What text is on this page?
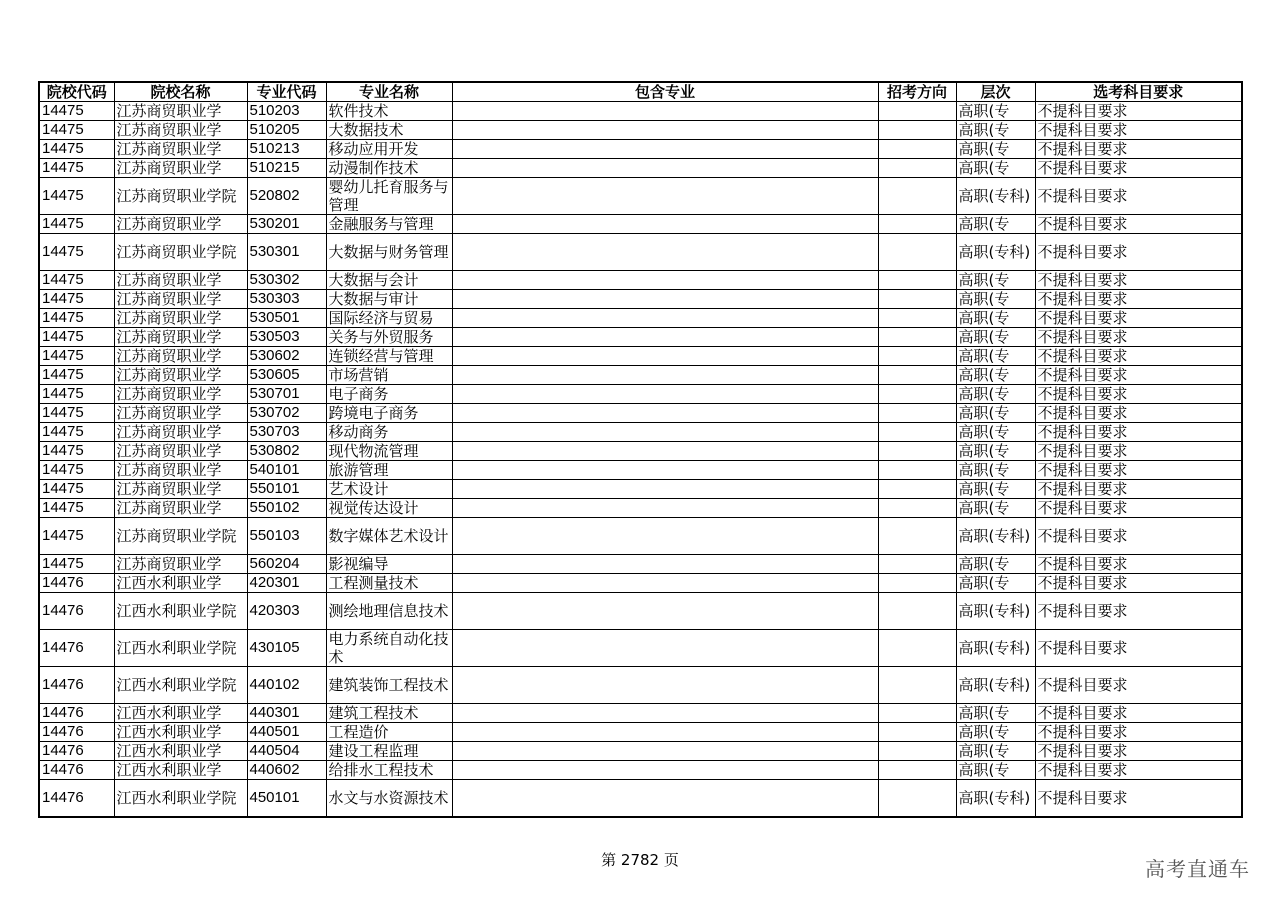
院校代码	院校名称	专业代码	专业名称	包含专业	招考方向	层次	选考科目要求
14475	江苏商贸职业学	510203	软件技术			高职(专	不提科目要求
14475	江苏商贸职业学	510205	大数据技术			高职(专	不提科目要求
14475	江苏商贸职业学	510213	移动应用开发			高职(专	不提科目要求
14475	江苏商贸职业学	510215	动漫制作技术			高职(专	不提科目要求
14475	江苏商贸职业学院	520802	婴幼儿托育服务与管理			高职(专科)	不提科目要求
14475	江苏商贸职业学	530201	金融服务与管理			高职(专	不提科目要求
14475	江苏商贸职业学院	530301	大数据与财务管理			高职(专科)	不提科目要求
14475	江苏商贸职业学	530302	大数据与会计			高职(专	不提科目要求
14475	江苏商贸职业学	530303	大数据与审计			高职(专	不提科目要求
14475	江苏商贸职业学	530501	国际经济与贸易			高职(专	不提科目要求
14475	江苏商贸职业学	530503	关务与外贸服务			高职(专	不提科目要求
14475	江苏商贸职业学	530602	连锁经营与管理			高职(专	不提科目要求
14475	江苏商贸职业学	530605	市场营销			高职(专	不提科目要求
14475	江苏商贸职业学	530701	电子商务			高职(专	不提科目要求
14475	江苏商贸职业学	530702	跨境电子商务			高职(专	不提科目要求
14475	江苏商贸职业学	530703	移动商务			高职(专	不提科目要求
14475	江苏商贸职业学	530802	现代物流管理			高职(专	不提科目要求
14475	江苏商贸职业学	540101	旅游管理			高职(专	不提科目要求
14475	江苏商贸职业学	550101	艺术设计			高职(专	不提科目要求
14475	江苏商贸职业学	550102	视觉传达设计			高职(专	不提科目要求
14475	江苏商贸职业学院	550103	数字媒体艺术设计			高职(专科)	不提科目要求
14475	江苏商贸职业学	560204	影视编导			高职(专	不提科目要求
14476	江西水利职业学	420301	工程测量技术			高职(专	不提科目要求
14476	江西水利职业学院	420303	测绘地理信息技术			高职(专科)	不提科目要求
14476	江西水利职业学院	430105	电力系统自动化技术			高职(专科)	不提科目要求
14476	江西水利职业学院	440102	建筑装饰工程技术			高职(专科)	不提科目要求
14476	江西水利职业学	440301	建筑工程技术			高职(专	不提科目要求
14476	江西水利职业学	440501	工程造价			高职(专	不提科目要求
14476	江西水利职业学	440504	建设工程监理			高职(专	不提科目要求
14476	江西水利职业学	440602	给排水工程技术			高职(专	不提科目要求
14476	江西水利职业学院	450101	水文与水资源技术			高职(专科)	不提科目要求
第 2782 页	高考直通车
